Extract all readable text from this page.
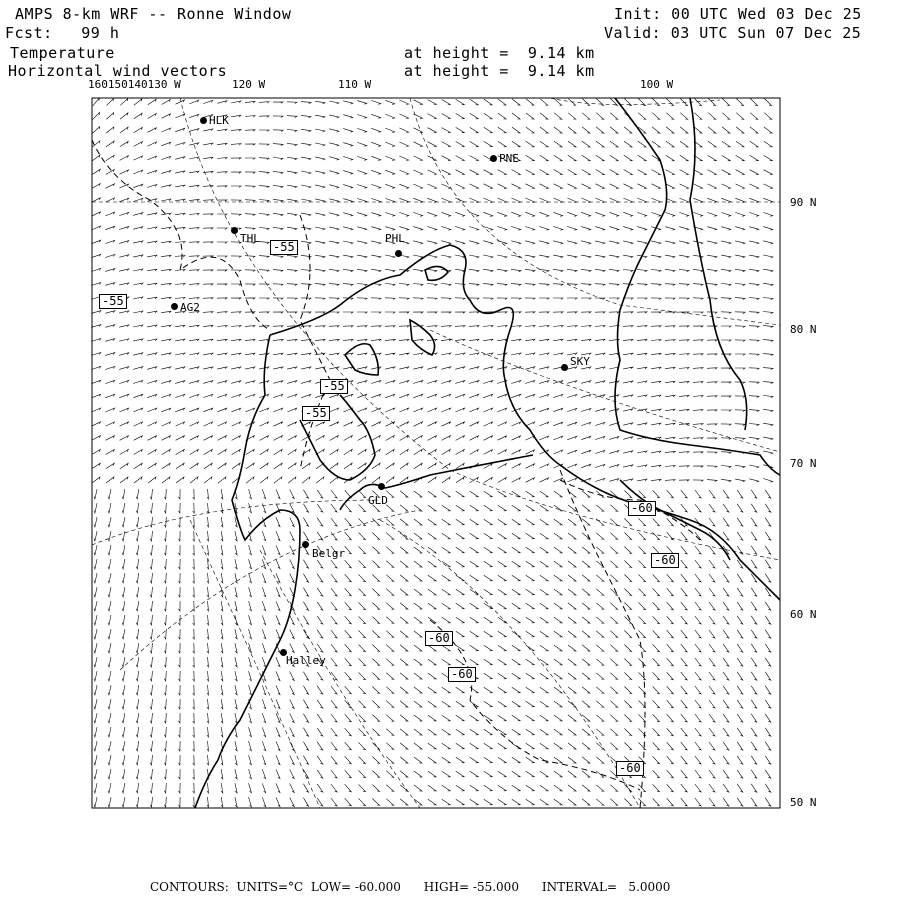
AMPS 8-km WRF -- Ronne Window
Fcst:   99 h
Init: 00 UTC Wed 03 Dec 25
Valid: 03 UTC Sun 07 Dec 25
Temperature
Horizontal wind vectors
at height =  9.14 km
at height =  9.14 km
160150140130 W	120 W	110 W	100 W
90 N
80 N
70 N
60 N
50 N
HLK
PNE
THL	PHL
AG2
SKY
GLD
Belgr
Halley
-55
-55
-55
-55
-60
-60
-60
-60
-60
CONTOURS:  UNITS=°C  LOW= -60.000      HIGH= -55.000      INTERVAL=   5.0000
